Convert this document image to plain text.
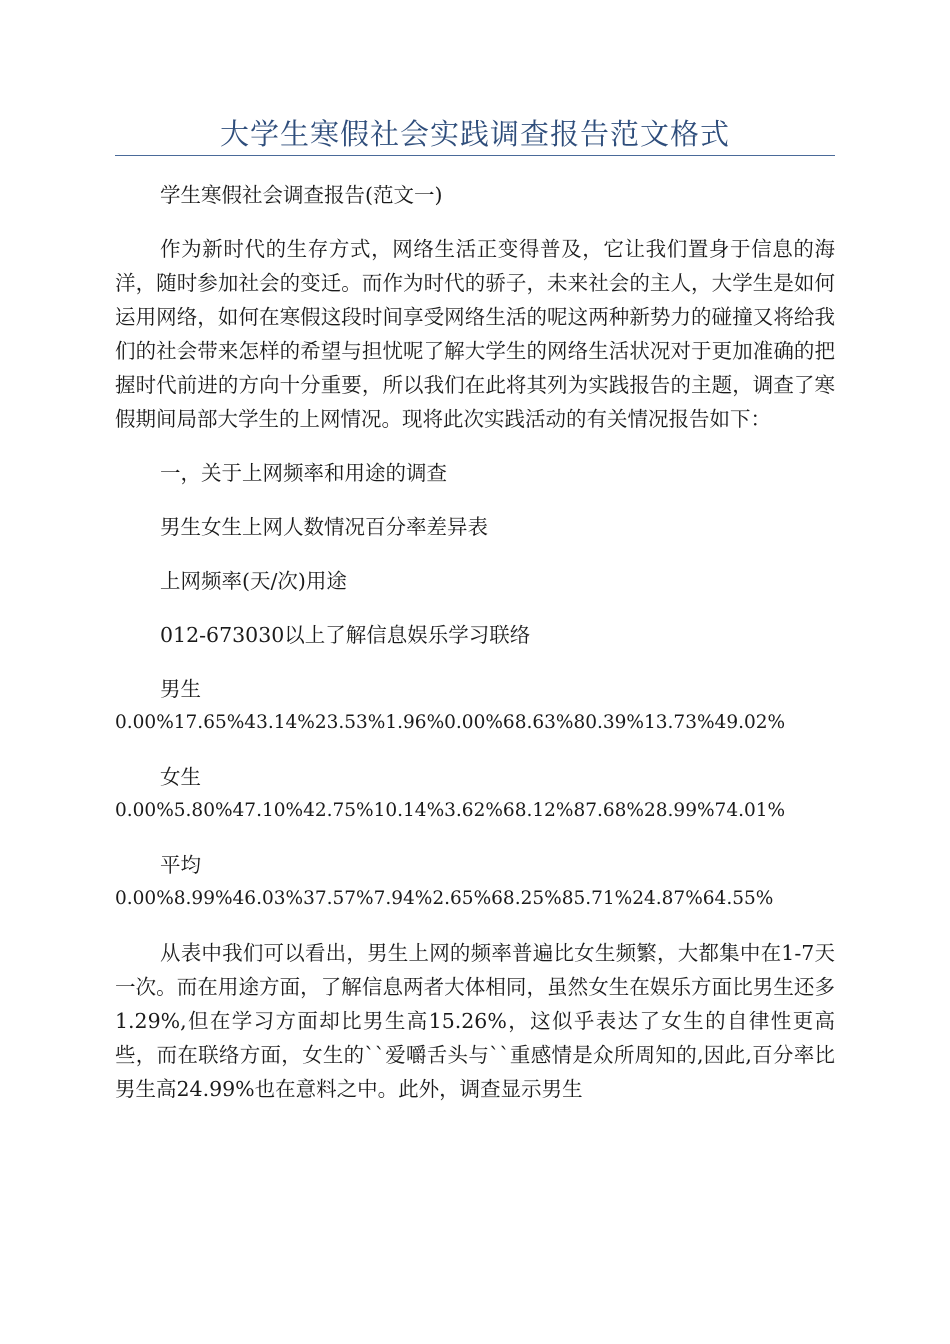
大学生寒假社会实践调查报告范文格式

学生寒假社会调查报告(范文一)

作为新时代的生存方式，网络生活正变得普及，它让我们置身于信息的海洋，随时参加社会的变迁。而作为时代的骄子，未来社会的主人，大学生是如何运用网络，如何在寒假这段时间享受网络生活的呢这两种新势力的碰撞又将给我们的社会带来怎样的希望与担忧呢了解大学生的网络生活状况对于更加准确的把握时代前进的方向十分重要，所以我们在此将其列为实践报告的主题，调查了寒假期间局部大学生的上网情况。现将此次实践活动的有关情况报告如下：

一，关于上网频率和用途的调查

男生女生上网人数情况百分率差异表

上网频率(天/次)用途

012-673030以上了解信息娱乐学习联络

男生

0.00%17.65%43.14%23.53%1.96%0.00%68.63%80.39%13.73%49.02%

女生

0.00%5.80%47.10%42.75%10.14%3.62%68.12%87.68%28.99%74.01%

平均

0.00%8.99%46.03%37.57%7.94%2.65%68.25%85.71%24.87%64.55%

从表中我们可以看出，男生上网的频率普遍比女生频繁，大都集中在1-7天一次。而在用途方面，了解信息两者大体相同，虽然女生在娱乐方面比男生还多1.29%,但在学习方面却比男生高15.26%，这似乎表达了女生的自律性更高些，而在联络方面，女生的``爱嚼舌头与``重感情是众所周知的,因此,百分率比男生高24.99%也在意料之中。此外，调查显示男生
